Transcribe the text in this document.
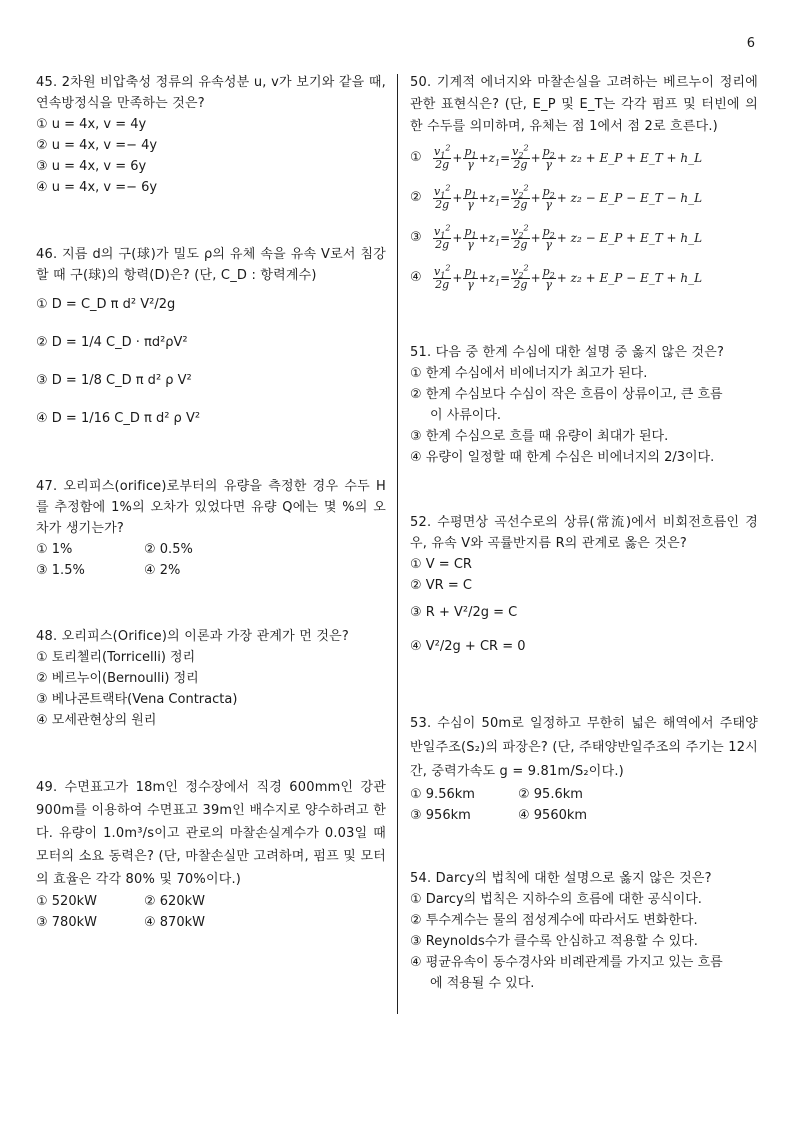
6
45. 2차원 비압축성 정류의 유속성분 u, v가 보기와 같을 때, 연속방정식을 만족하는 것은?
① u = 4x, v = 4y
② u = 4x, v =− 4y
③ u = 4x, v = 6y
④ u = 4x, v =− 6y
46. 지름 d의 구(球)가 밀도 ρ의 유체 속을 유속 V로서 침강할 때 구(球)의 항력(D)은? (단, C_D : 항력계수)
① D = C_D π d² V²/2g
② D = 1/4 C_D · πd²ρV²
③ D = 1/8 C_D π d² ρ V²
④ D = 1/16 C_D π d² ρ V²
47. 오리피스(orifice)로부터의 유량을 측정한 경우 수두 H를 추정함에 1%의 오차가 있었다면 유량 Q에는 몇 %의 오차가 생기는가?
① 1%	② 0.5%
③ 1.5%	④ 2%
48. 오리피스(Orifice)의 이론과 가장 관계가 먼 것은?
① 토리첼리(Torricelli) 정리
② 베르누이(Bernoulli) 정리
③ 베나콘트랙타(Vena Contracta)
④ 모세관현상의 원리
49. 수면표고가 18m인 정수장에서 직경 600mm인 강관 900m를 이용하여 수면표고 39m인 배수지로 양수하려고 한다. 유량이 1.0m³/s이고 관로의 마찰손실계수가 0.03일 때 모터의 소요 동력은? (단, 마찰손실만 고려하며, 펌프 및 모터의 효율은 각각 80% 및 70%이다.)
① 520kW	② 620kW
③ 780kW	④ 870kW
50. 기계적 에너지와 마찰손실을 고려하는 베르누이 정리에 관한 표현식은? (단, E_P 및 E_T는 각각 펌프 및 터빈에 의한 수두를 의미하며, 유체는 점 1에서 점 2로 흐른다.)
①	$\frac{v_1^2}{2g} + \frac{p_1}{\gamma} +z_1= \frac{v_2^2}{2g} + \frac{p_2}{\gamma} + z_2$ + E_P + E_T + h_L
②	$\frac{v_1^2}{2g} + \frac{p_1}{\gamma} +z_1= \frac{v_2^2}{2g} + \frac{p_2}{\gamma} + z_2$ − E_P − E_T − h_L
③	$\frac{v_1^2}{2g} + \frac{p_1}{\gamma} +z_1= \frac{v_2^2}{2g} + \frac{p_2}{\gamma} + z_2$ − E_P + E_T + h_L
④	$\frac{v_1^2}{2g} + \frac{p_1}{\gamma} +z_1= \frac{v_2^2}{2g} + \frac{p_2}{\gamma} + z_2$ + E_P − E_T + h_L
51. 다음 중 한계 수심에 대한 설명 중 옳지 않은 것은?
① 한계 수심에서 비에너지가 최고가 된다.
② 한계 수심보다 수심이 작은 흐름이 상류이고, 큰 흐름
이 사류이다.
③ 한계 수심으로 흐를 때 유량이 최대가 된다.
④ 유량이 일정할 때 한계 수심은 비에너지의 2/3이다.
52. 수평면상 곡선수로의 상류(常流)에서 비회전흐름인 경우, 유속 V와 곡률반지름 R의 관계로 옳은 것은?
① V = CR
② VR = C
③ R + V²/2g = C
④ V²/2g + CR = 0
53. 수심이 50m로 일정하고 무한히 넓은 해역에서 주태양반일주조(S₂)의 파장은? (단, 주태양반일주조의 주기는 12시간, 중력가속도 g = 9.81m/S₂이다.)
① 9.56km	② 95.6km
③ 956km	④ 9560km
54. Darcy의 법칙에 대한 설명으로 옳지 않은 것은?
① Darcy의 법칙은 지하수의 흐름에 대한 공식이다.
② 투수계수는 물의 점성계수에 따라서도 변화한다.
③ Reynolds수가 클수록 안심하고 적용할 수 있다.
④ 평균유속이 동수경사와 비례관계를 가지고 있는 흐름
에 적용될 수 있다.
